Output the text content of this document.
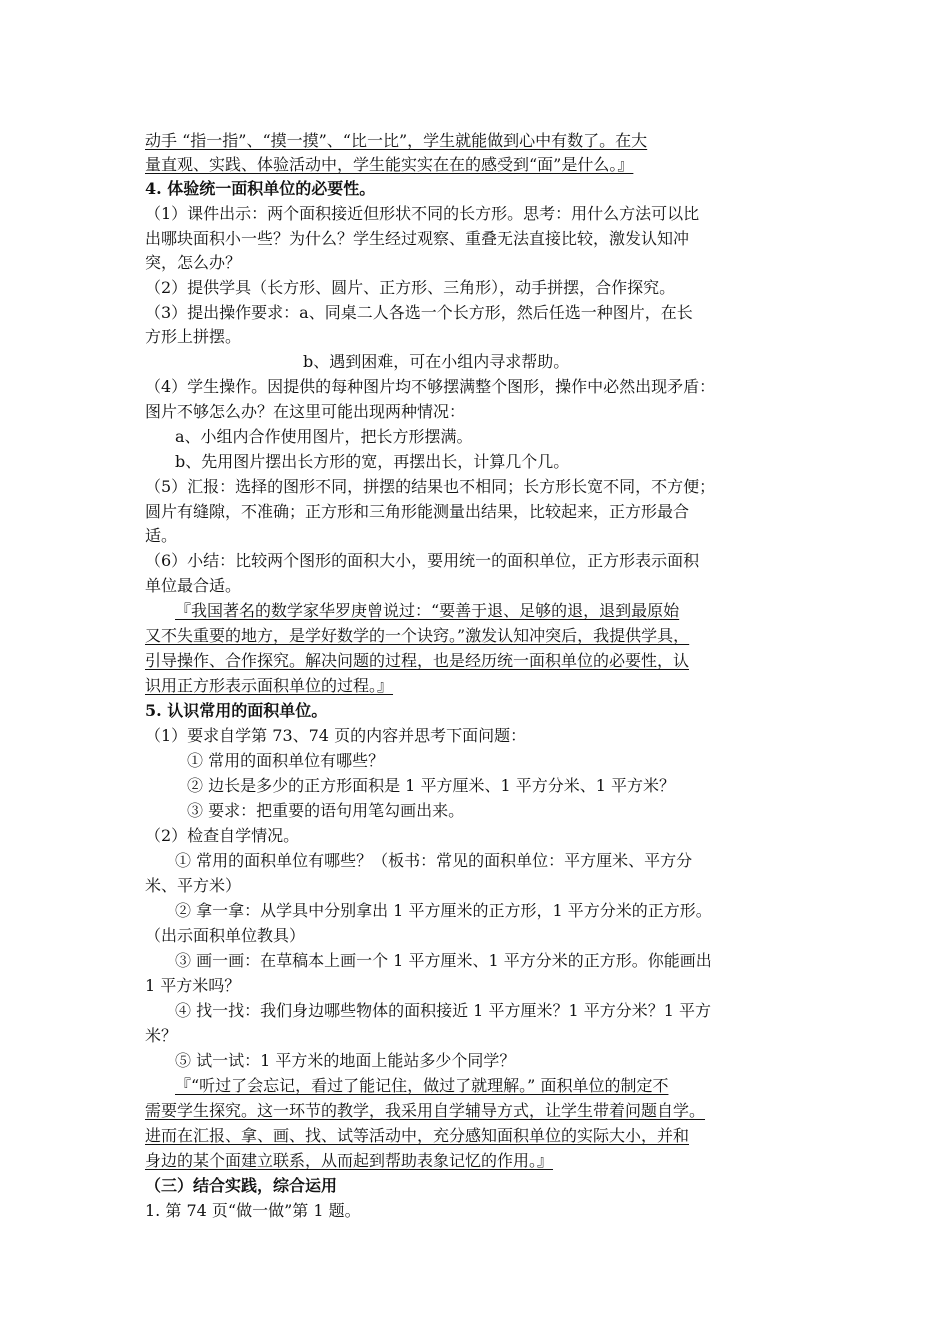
动手 “指一指”、“摸一摸”、“比一比”，学生就能做到心中有数了。在大
量直观、实践、体验活动中，学生能实实在在的感受到“面”是什么。』
4. 体验统一面积单位的必要性。
（1）课件出示：两个面积接近但形状不同的长方形。思考：用什么方法可以比
出哪块面积小一些？为什么？学生经过观察、重叠无法直接比较，激发认知冲
突，怎么办？
（2）提供学具（长方形、圆片、正方形、三角形），动手拼摆，合作探究。
（3）提出操作要求：a、同桌二人各选一个长方形，然后任选一种图片，在长
方形上拼摆。
b、遇到困难，可在小组内寻求帮助。
（4）学生操作。因提供的每种图片均不够摆满整个图形，操作中必然出现矛盾：
图片不够怎么办？在这里可能出现两种情况：
a、小组内合作使用图片，把长方形摆满。
b、先用图片摆出长方形的宽，再摆出长，计算几个几。
（5）汇报：选择的图形不同，拼摆的结果也不相同；长方形长宽不同，不方便；
圆片有缝隙，不准确；正方形和三角形能测量出结果，比较起来，正方形最合
适。
（6）小结：比较两个图形的面积大小，要用统一的面积单位，正方形表示面积
单位最合适。
『我国著名的数学家华罗庚曾说过：“要善于退、足够的退，退到最原始
又不失重要的地方，是学好数学的一个诀窍。”激发认知冲突后，我提供学具，
引导操作、合作探究。解决问题的过程，也是经历统一面积单位的必要性，认
识用正方形表示面积单位的过程。』
5. 认识常用的面积单位。
（1）要求自学第 73、74 页的内容并思考下面问题：
① 常用的面积单位有哪些？
② 边长是多少的正方形面积是 1 平方厘米、1 平方分米、1 平方米？
③ 要求：把重要的语句用笔勾画出来。
（2）检查自学情况。
① 常用的面积单位有哪些？（板书：常见的面积单位：平方厘米、平方分
米、平方米）
② 拿一拿：从学具中分别拿出 1 平方厘米的正方形，1 平方分米的正方形。
（出示面积单位教具）
③ 画一画：在草稿本上画一个 1 平方厘米、1 平方分米的正方形。你能画出
1 平方米吗？
④ 找一找：我们身边哪些物体的面积接近 1 平方厘米？1 平方分米？1 平方
米？
⑤ 试一试：1 平方米的地面上能站多少个同学？
『“听过了会忘记，看过了能记住，做过了就理解。” 面积单位的制定不
需要学生探究。这一环节的教学，我采用自学辅导方式，让学生带着问题自学。
进而在汇报、拿、画、找、试等活动中，充分感知面积单位的实际大小，并和
身边的某个面建立联系，从而起到帮助表象记忆的作用。』
（三）结合实践，综合运用
1. 第 74 页“做一做”第 1 题。
